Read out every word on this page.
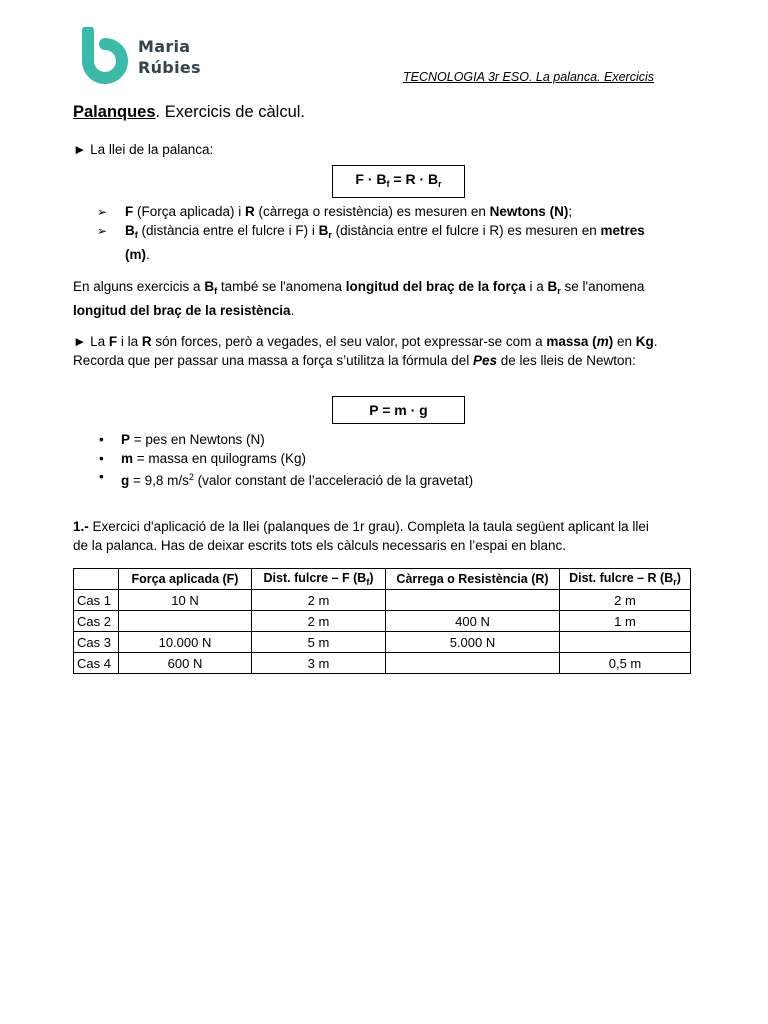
Maria
Rúbies	TECNOLOGIA 3r ESO. La palanca. Exercicis
Palanques. Exercicis de càlcul.
► La llei de la palanca:
$F \cdot B_f = R \cdot B_r$
➢ F (Força aplicada) i R (càrrega o resistència) es mesuren en Newtons (N);
➢ $B_f$ (distància entre el fulcre i F) i $B_r$ (distància entre el fulcre i R) es mesuren en metres
(m).
En alguns exercicis a $B_f$ també se l'anomena longitud del braç de la força i a $B_r$ se l'anomena
longitud del braç de la resistència.
► La F i la R són forces, però a vegades, el seu valor, pot expressar-se com a massa (m) en Kg.
Recorda que per passar una massa a força s’utilitza la fórmula del Pes de les lleis de Newton:
P = m · g
• P = pes en Newtons (N)
• m = massa en quilograms (Kg)
• g = 9,8 $m/s^2$ (valor constant de l’acceleració de la gravetat)
1.- Exercici d'aplicació de la llei (palanques de 1r grau). Completa la taula següent aplicant la llei
de la palanca. Has de deixar escrits tots els càlculs necessaris en l’espai en blanc.
	Força aplicada (F)	Dist. fulcre – F $(B_f)$	Càrrega o Resistència (R)	Dist. fulcre – R $(B_r)$
Cas 1	10 N	2 m		2 m
Cas 2		2 m	400 N	1 m
Cas 3	10.000 N	5 m	5.000 N	
Cas 4	600 N	3 m		0,5 m
